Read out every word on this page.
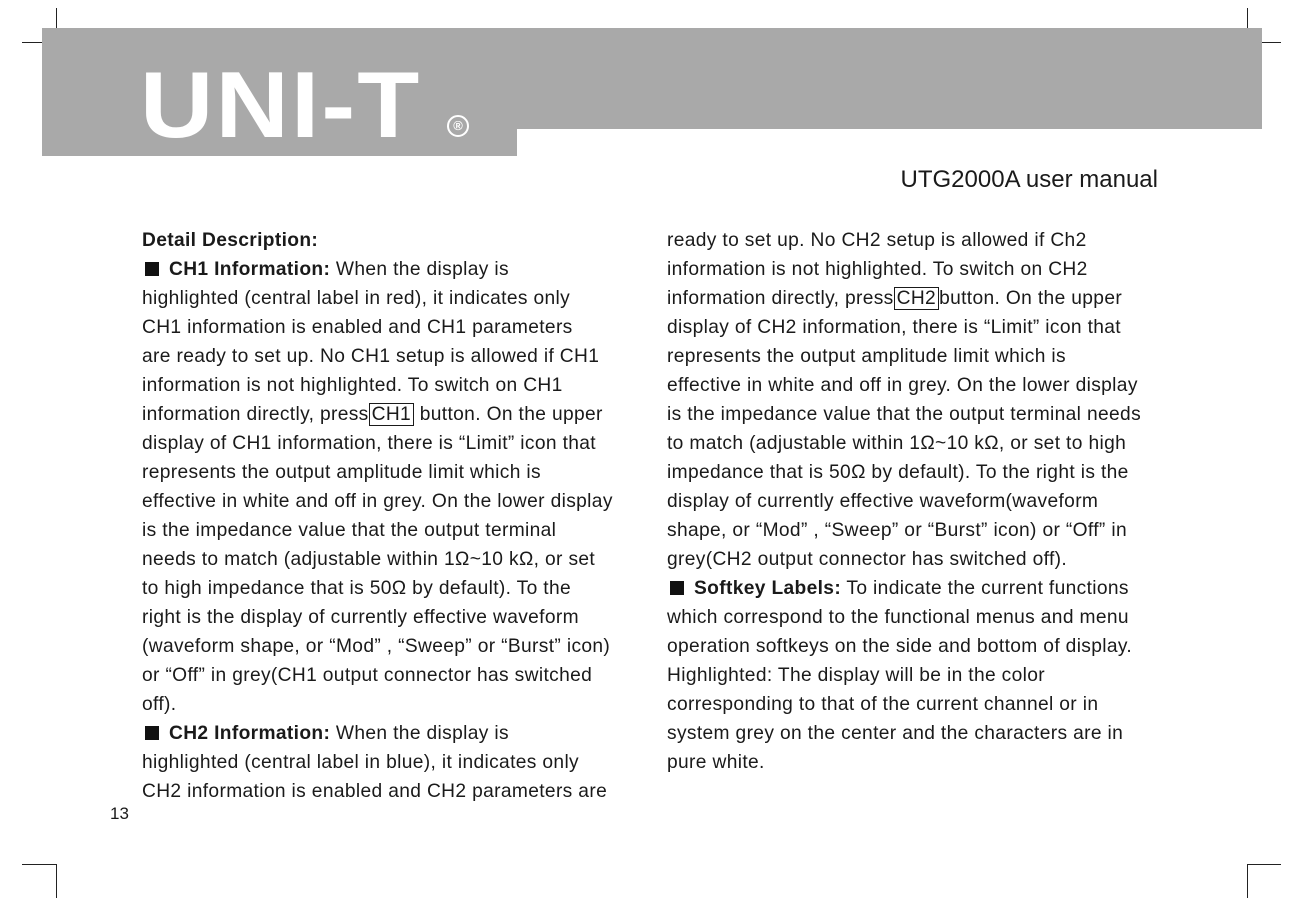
UNI-T	®
UTG2000A user manual
Detail Description:
CH1 Information: When the display is
highlighted (central label in red), it indicates only
CH1 information is enabled and CH1 parameters
are ready to set up. No CH1 setup is allowed if CH1
information is not highlighted. To switch on CH1
information directly, press CH1 button. On the upper
display of CH1 information, there is “Limit” icon that
represents the output amplitude limit which is
effective in white and off in grey. On the lower display
is the impedance value that the output terminal
needs to match (adjustable within 1Ω~10 kΩ, or set
to high impedance that is 50Ω by default). To the
right is the display of currently effective waveform
(waveform shape, or “Mod” , “Sweep” or “Burst” icon)
or “Off” in grey(CH1 output connector has switched
off).
CH2 Information: When the display is
highlighted (central label in blue), it indicates only
CH2 information is enabled and CH2 parameters are
ready to set up. No CH2 setup is allowed if Ch2
information is not highlighted. To switch on CH2
information directly, press CH2 button. On the upper
display of CH2 information, there is “Limit” icon that
represents the output amplitude limit which is
effective in white and off in grey. On the lower display
is the impedance value that the output terminal needs
to match (adjustable within 1Ω~10 kΩ, or set to high
impedance that is 50Ω by default). To the right is the
display of currently effective waveform(waveform
shape, or “Mod” , “Sweep” or “Burst” icon) or “Off” in
grey(CH2 output connector has switched off).
Softkey Labels: To indicate the current functions
which correspond to the functional menus and menu
operation softkeys on the side and bottom of display.
Highlighted: The display will be in the color
corresponding to that of the current channel or in
system grey on the center and the characters are in
pure white.
13
